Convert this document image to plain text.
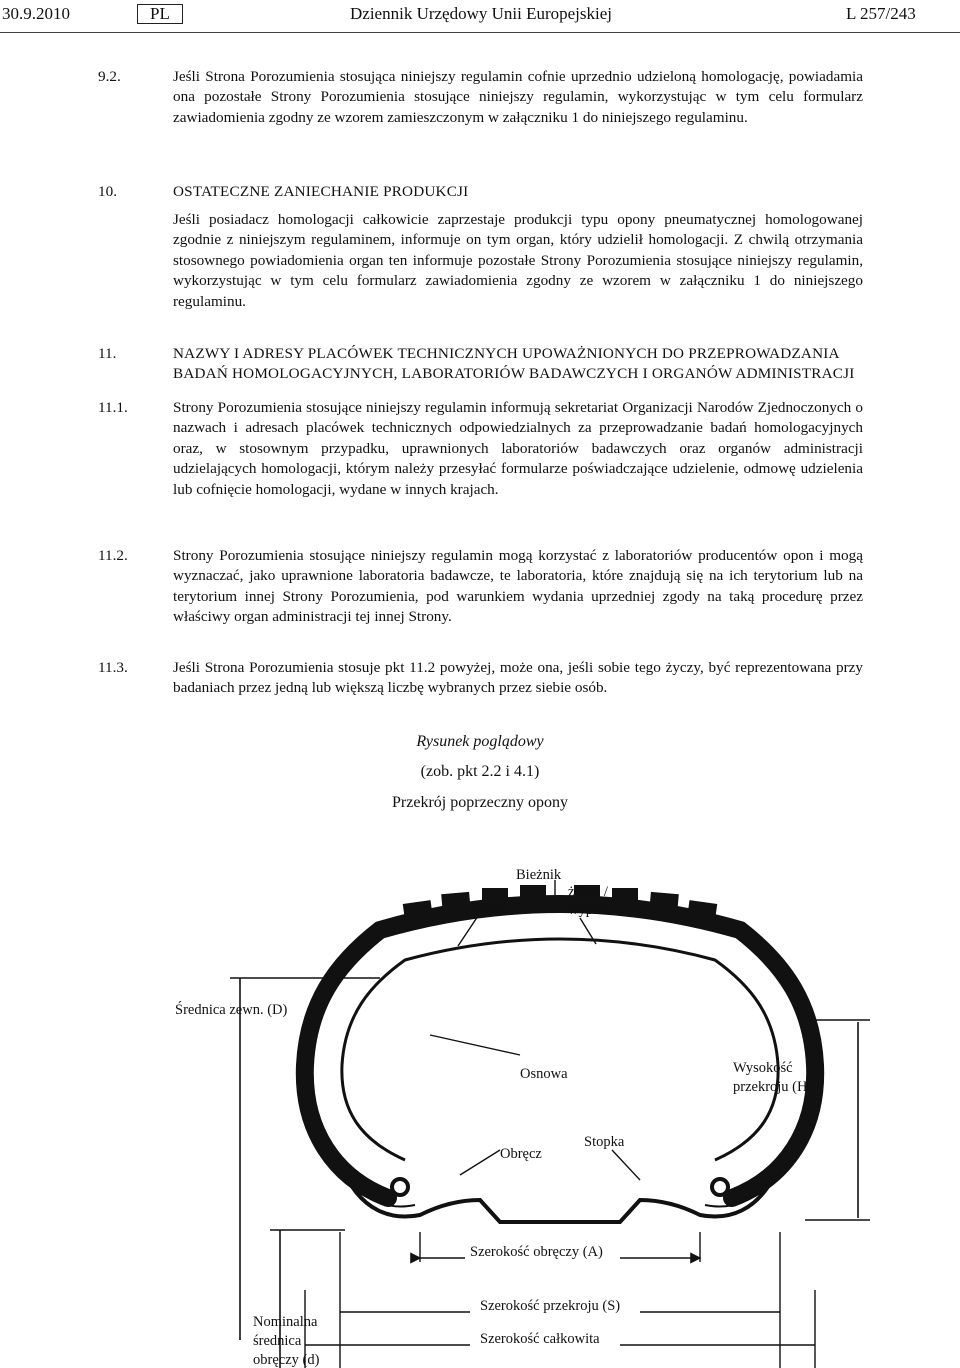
30.9.2010	PL	Dziennik Urzędowy Unii Europejskiej	L 257/243
9.2.	Jeśli Strona Porozumienia stosująca niniejszy regulamin cofnie uprzednio udzieloną homologację, powiadamia ona pozostałe Strony Porozumienia stosujące niniejszy regulamin, wykorzystując w tym celu formularz zawiadomienia zgodny ze wzorem zamieszczonym w załączniku 1 do niniejszego regulaminu.
10.	OSTATECZNE ZANIECHANIE PRODUKCJI
Jeśli posiadacz homologacji całkowicie zaprzestaje produkcji typu opony pneumatycznej homologowanej zgodnie z niniejszym regulaminem, informuje on tym organ, który udzielił homologacji. Z chwilą otrzymania stosownego powiadomienia organ ten informuje pozostałe Strony Porozumienia stosujące niniejszy regulamin, wykorzystując w tym celu formularz zawiadomienia zgodny ze wzorem w załączniku 1 do niniejszego regulaminu.
11.	NAZWY I ADRESY PLACÓWEK TECHNICZNYCH UPOWAŻNIONYCH DO PRZEPROWADZANIA BADAŃ HOMOLOGACYJNYCH, LABORATORIÓW BADAWCZYCH I ORGANÓW ADMINISTRACJI
11.1.	Strony Porozumienia stosujące niniejszy regulamin informują sekretariat Organizacji Narodów Zjednoczonych o nazwach i adresach placówek technicznych odpowiedzialnych za przeprowadzanie badań homologacyjnych oraz, w stosownym przypadku, uprawnionych laboratoriów badawczych oraz organów administracji udzielających homologacji, którym należy przesyłać formularze poświadczające udzielenie, odmowę udzielenia lub cofnięcie homologacji, wydane w innych krajach.
11.2.	Strony Porozumienia stosujące niniejszy regulamin mogą korzystać z laboratoriów producentów opon i mogą wyznaczać, jako uprawnione laboratoria badawcze, te laboratoria, które znajdują się na ich terytorium lub na terytorium innej Strony Porozumienia, pod warunkiem wydania uprzedniej zgody na taką procedurę przez właściwy organ administracji tej innej Strony.
11.3.	Jeśli Strona Porozumienia stosuje pkt 11.2 powyżej, może ona, jeśli sobie tego życzy, być reprezentowana przy badaniach przez jedną lub większą liczbę wybranych przez siebie osób.
Rysunek poglądowy
(zob. pkt 2.2 i 4.1)
Przekrój poprzeczny opony
Bieżnik
żebro /
wypust
rowek
Średnica zewn. (D)
Osnowa	Wysokość
przekroju (H)
Obręcz
Stopka
Szerokość obręczy (A)
Szerokość przekroju (S)
Szerokość całkowita
Nominalna
średnica
obręczy (d)
